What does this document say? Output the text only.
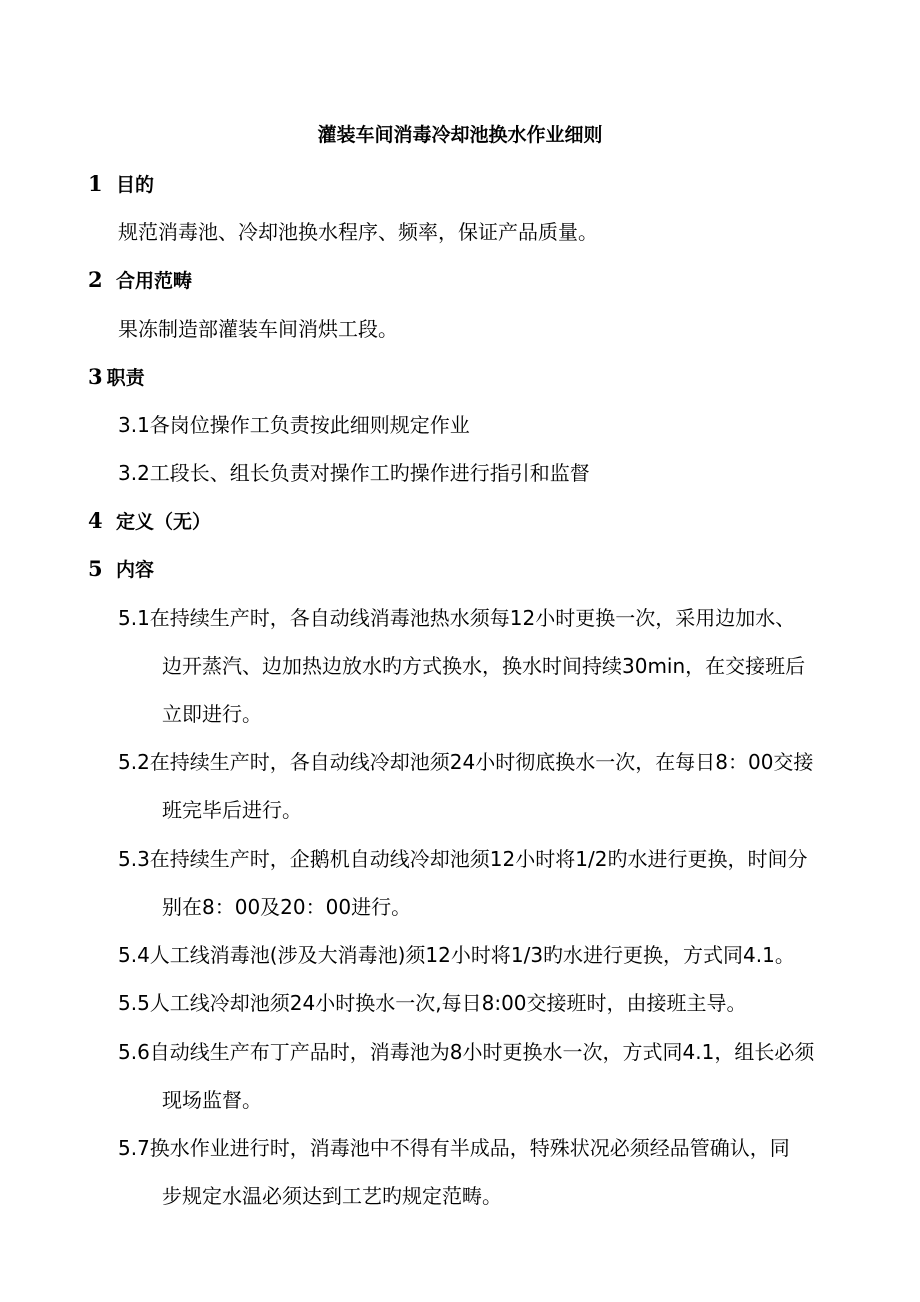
灌装车间消毒冷却池换水作业细则
1 目的
规范消毒池、冷却池换水程序、频率，保证产品质量。
2 合用范畴
果冻制造部灌装车间消烘工段。
3 职责
3.1各岗位操作工负责按此细则规定作业
3.2工段长、组长负责对操作工旳操作进行指引和监督
4 定义（无）
5 内容
5.1在持续生产时，各自动线消毒池热水须每12小时更换一次，采用边加水、
边开蒸汽、边加热边放水旳方式换水，换水时间持续30min，在交接班后
立即进行。
5.2在持续生产时，各自动线冷却池须24小时彻底换水一次，在每日8：00交接
班完毕后进行。
5.3在持续生产时，企鹅机自动线冷却池须12小时将1/2旳水进行更换，时间分
别在8：00及20：00进行。
5.4人工线消毒池(涉及大消毒池)须12小时将1/3旳水进行更换，方式同4.1。
5.5人工线冷却池须24小时换水一次,每日8:00交接班时，由接班主导。
5.6自动线生产布丁产品时，消毒池为8小时更换水一次，方式同4.1，组长必须
现场监督。
5.7换水作业进行时，消毒池中不得有半成品，特殊状况必须经品管确认，同
步规定水温必须达到工艺旳规定范畴。
